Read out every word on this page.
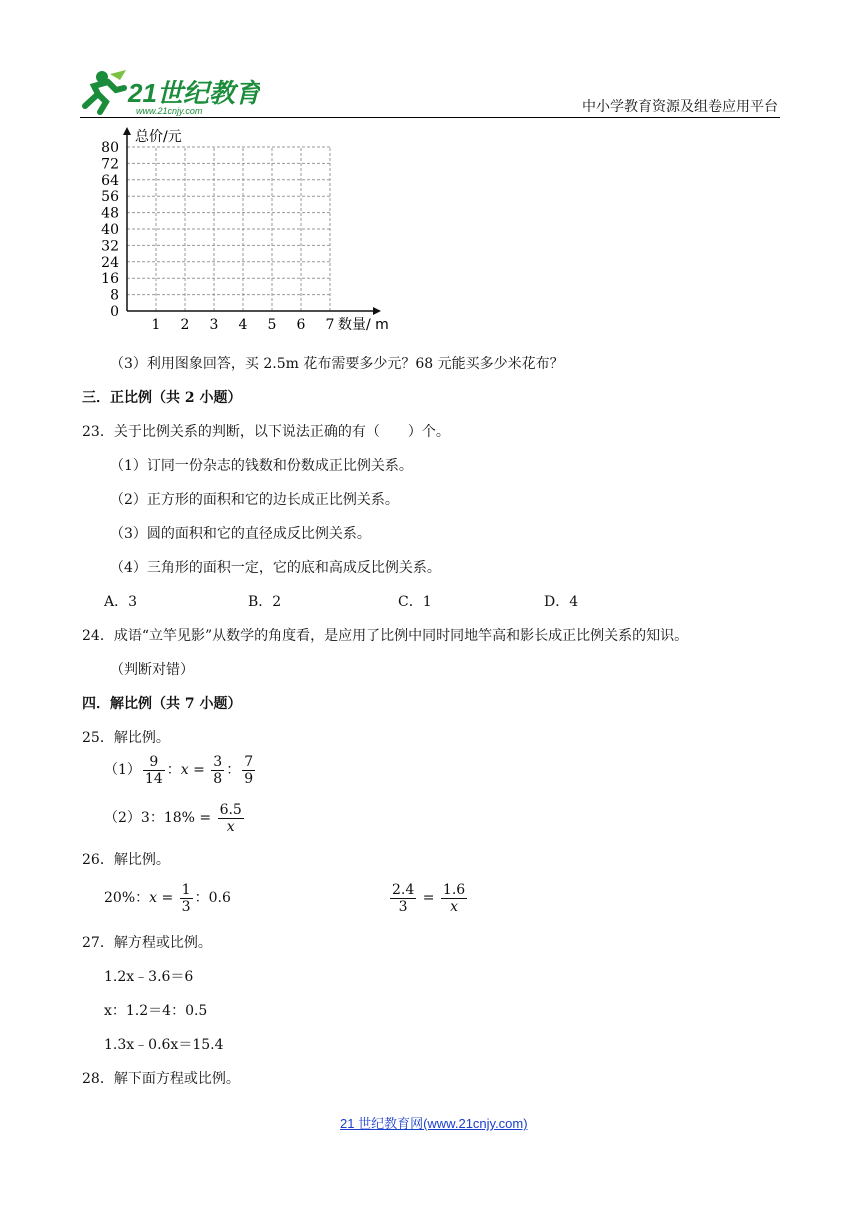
21世纪教育
www.21cnjy.com	中小学教育资源及组卷应用平台
0
8
16
24
32
40
48
56
64
72
80
1 2 3 4 5 6 7
总价/元
数量/ m
（3）利用图象回答，买 2.5m 花布需要多少元？68 元能买多少米花布？
三．正比例（共 2 小题）
23．关于比例关系的判断，以下说法正确的有（　　）个。
（1）订同一份杂志的钱数和份数成正比例关系。
（2）正方形的面积和它的边长成正比例关系。
（3）圆的面积和它的直径成反比例关系。
（4）三角形的面积一定，它的底和高成反比例关系。
A．3	B．2	C．1	D．4
24．成语“立竿见影”从数学的角度看，是应用了比例中同时同地竿高和影长成正比例关系的知识。
（判断对错）
四．解比例（共 7 小题）
25．解比例。
$(1) \frac{9}{14}$ ：$x = \frac{3}{8}$ ： $\frac{7}{9}$
（2）3：$18\% = \frac{6.5}{x}$
26．解比例。
20%：$x = \frac{1}{3}$ ：0.6	$\frac{2.4}{3} = \frac{1.6}{x}$
27．解方程或比例。
1.2x﹣3.6＝6
x：1.2＝4：0.5
1.3x﹣0.6x＝15.4
28．解下面方程或比例。
21 世纪教育网(www.21cnjy.com)
